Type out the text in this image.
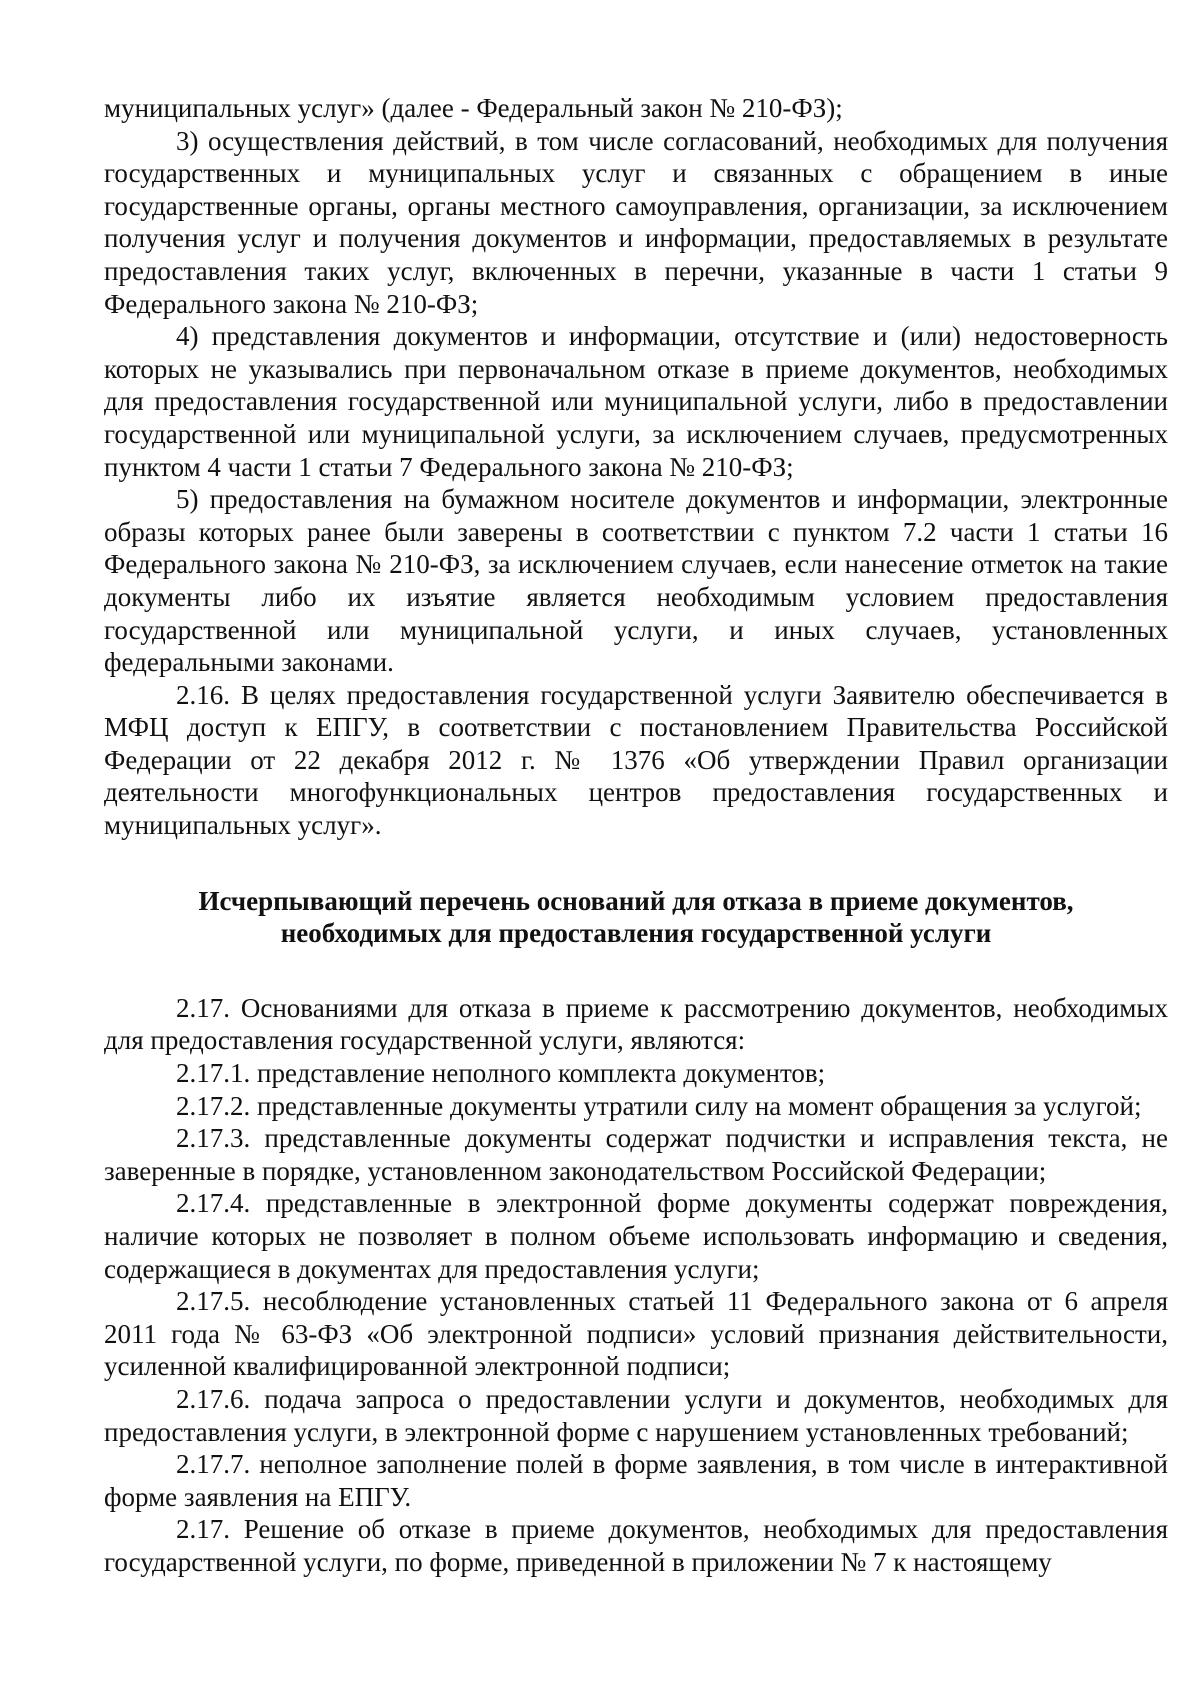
муниципальных услуг» (далее - Федеральный закон № 210-ФЗ);

3) осуществления действий, в том числе согласований, необходимых для получения государственных и муниципальных услуг и связанных с обращением в иные государственные органы, органы местного самоуправления, организации, за исключением получения услуг и получения документов и информации, предоставляемых в результате предоставления таких услуг, включенных в перечни, указанные в части 1 статьи 9 Федерального закона № 210-ФЗ;

4) представления документов и информации, отсутствие и (или) недостоверность которых не указывались при первоначальном отказе в приеме документов, необходимых для предоставления государственной или муниципальной услуги, либо в предоставлении государственной или муниципальной услуги, за исключением случаев, предусмотренных пунктом 4 части 1 статьи 7 Федерального закона № 210-ФЗ;

5) предоставления на бумажном носителе документов и информации, электронные образы которых ранее были заверены в соответствии с пунктом 7.2 части 1 статьи 16 Федерального закона № 210-ФЗ, за исключением случаев, если нанесение отметок на такие документы либо их изъятие является необходимым условием предоставления государственной или муниципальной услуги, и иных случаев, установленных федеральными законами.

2.16. В целях предоставления государственной услуги Заявителю обеспечивается в МФЦ доступ к ЕПГУ, в соответствии с постановлением Правительства Российской Федерации от 22 декабря 2012 г. № 1376 «Об утверждении Правил организации деятельности многофункциональных центров предоставления государственных и муниципальных услуг».

Исчерпывающий перечень оснований для отказа в приеме документов,
необходимых для предоставления государственной услуги

2.17. Основаниями для отказа в приеме к рассмотрению документов, необходимых для предоставления государственной услуги, являются:

2.17.1. представление неполного комплекта документов;

2.17.2. представленные документы утратили силу на момент обращения за услугой;

2.17.3. представленные документы содержат подчистки и исправления текста, не заверенные в порядке, установленном законодательством Российской Федерации;

2.17.4. представленные в электронной форме документы содержат повреждения, наличие которых не позволяет в полном объеме использовать информацию и сведения, содержащиеся в документах для предоставления услуги;

2.17.5. несоблюдение установленных статьей 11 Федерального закона от 6 апреля 2011 года № 63-ФЗ «Об электронной подписи» условий признания действительности, усиленной квалифицированной электронной подписи;

2.17.6. подача запроса о предоставлении услуги и документов, необходимых для предоставления услуги, в электронной форме с нарушением установленных требований;

2.17.7. неполное заполнение полей в форме заявления, в том числе в интерактивной форме заявления на ЕПГУ.

2.17. Решение об отказе в приеме документов, необходимых для предоставления государственной услуги, по форме, приведенной в приложении № 7 к настоящему
